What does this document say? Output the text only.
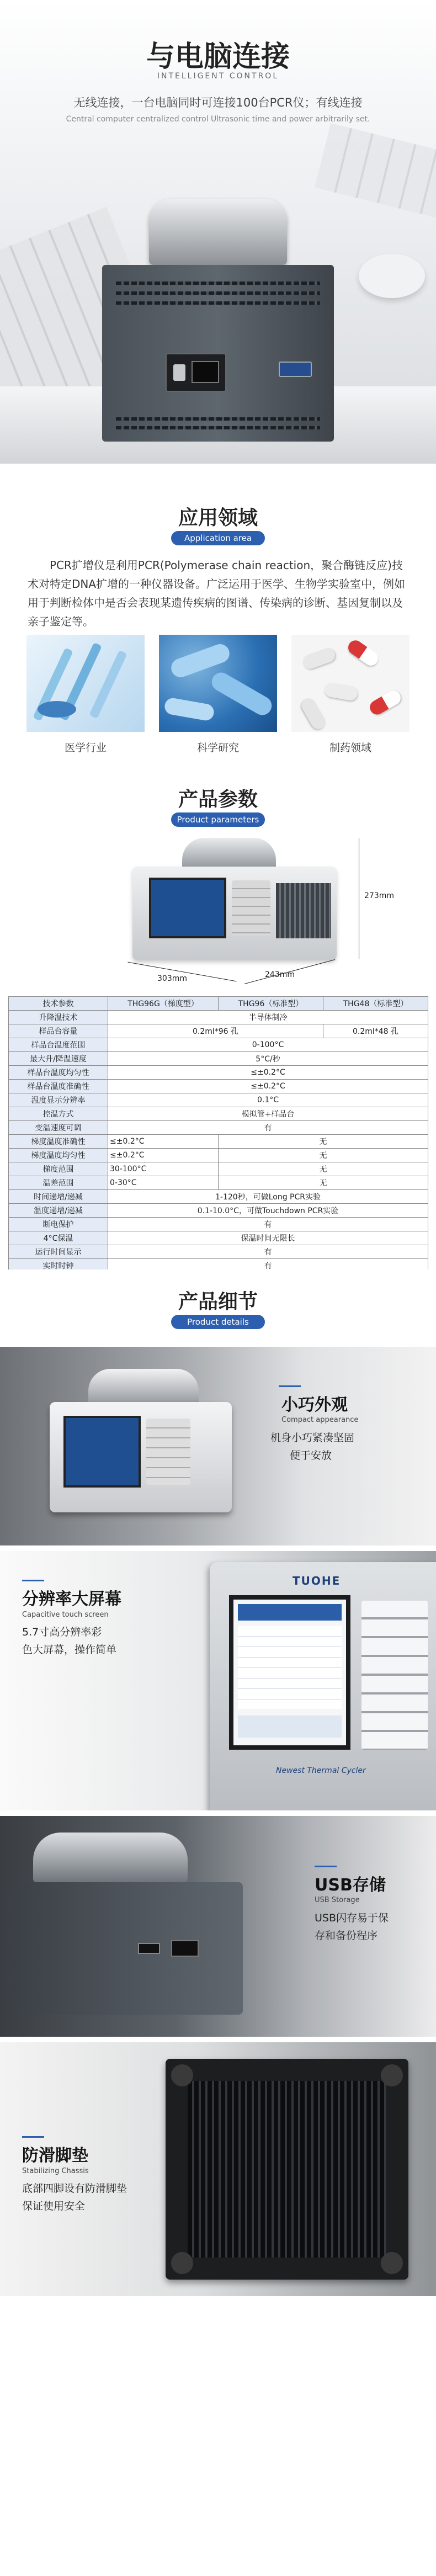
与电脑连接
INTELLIGENT CONTROL
无线连接，一台电脑同时可连接100台PCR仪；有线连接
Central computer centralized control Ultrasonic time and power arbitrarily set.
应用领域
Application area
PCR扩增仪是利用PCR(Polymerase chain reaction，聚合酶链反应)技术对特定DNA扩增的一种仪器设备。广泛运用于医学、生物学实验室中，例如用于判断检体中是否会表现某遗传疾病的图谱、传染病的诊断、基因复制以及亲子鉴定等。
医学行业	科学研究	制药领域
产品参数
Product parameters
273mm
303mm	243mm
技术参数	THG96G（梯度型）	THG96（标准型）	THG48（标准型）
升降温技术	半导体制冷		
样品台容量	0.2ml*96 孔		0.2ml*48 孔
样品台温度范围	0-100°C		
最大升/降温速度	5°C/秒		
样品台温度均匀性	≤±0.2°C		
样品台温度准确性	≤±0.2°C		
温度显示分辨率	0.1°C		
控温方式	模拟管+样品台		
变温速度可调	有		
梯度温度准确性	≤±0.2°C	无	
梯度温度均匀性	≤±0.2°C	无	
梯度范围	30-100°C	无	
温差范围	0-30°C	无	
时间递增/递减	1-120秒，可做Long PCR实验		
温度递增/递减	0.1-10.0°C，可做Touchdown PCR实验		
断电保护	有		
4°C保温	保温时间无限长		
运行时间显示	有		
实时时钟	有		

产品细节
Product details
小巧外观
Compact appearance
机身小巧紧凑坚固
便于安放
分辨率大屏幕
Capacitive touch screen
5.7寸高分辨率彩
色大屏幕，操作简单
TUOHE
Newest Thermal Cycler
USB存储
USB Storage
USB闪存易于保
存和备份程序
防滑脚垫
Stabilizing Chassis
底部四脚设有防滑脚垫
保证使用安全
